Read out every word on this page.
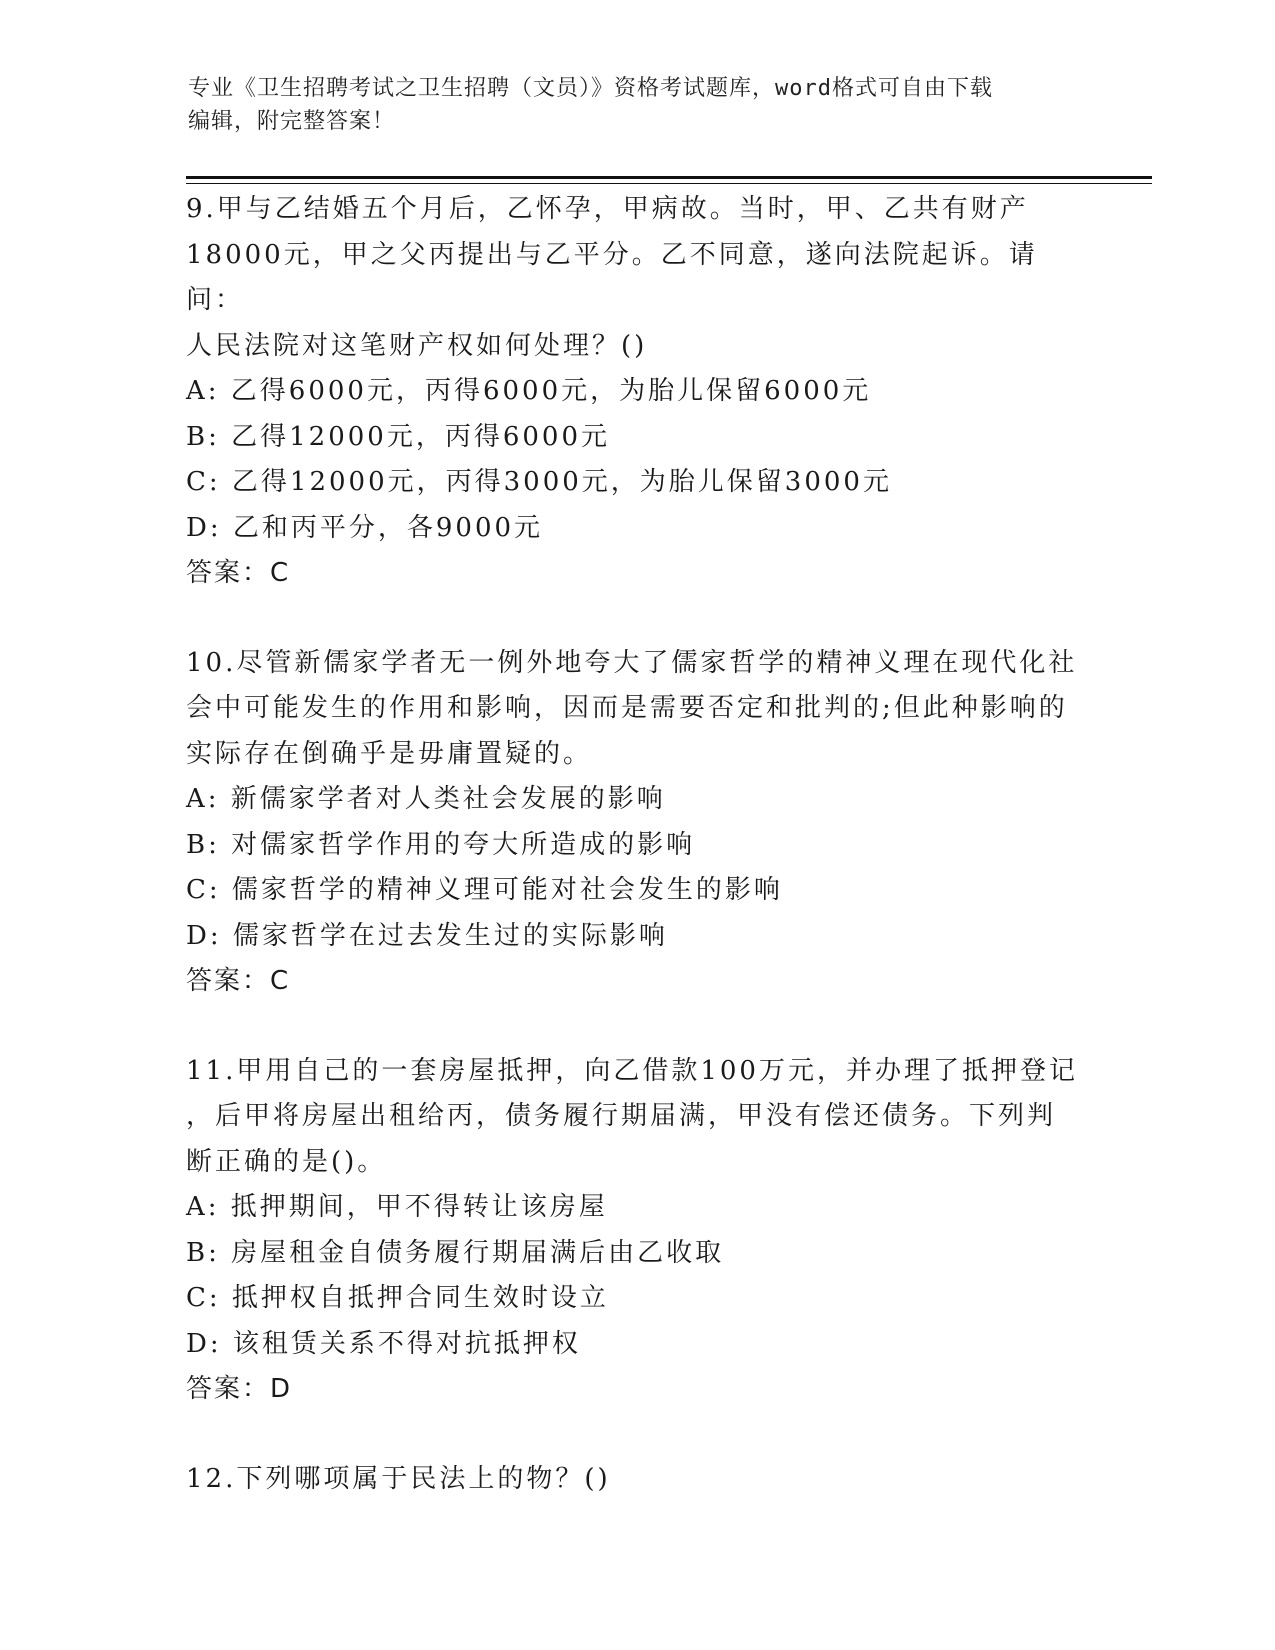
专业《卫生招聘考试之卫生招聘（文员）》资格考试题库，word格式可自由下载
编辑，附完整答案！

9.甲与乙结婚五个月后，乙怀孕，甲病故。当时，甲、乙共有财产

18000元，甲之父丙提出与乙平分。乙不同意，遂向法院起诉。请问：

人民法院对这笔财产权如何处理？()

A: 乙得6000元，丙得6000元，为胎儿保留6000元

B: 乙得12000元，丙得6000元

C: 乙得12000元，丙得3000元，为胎儿保留3000元

D: 乙和丙平分，各9000元

答案：C

10.尽管新儒家学者无一例外地夸大了儒家哲学的精神义理在现代化社

会中可能发生的作用和影响，因而是需要否定和批判的;但此种影响的

实际存在倒确乎是毋庸置疑的。

A: 新儒家学者对人类社会发展的影响

B: 对儒家哲学作用的夸大所造成的影响

C: 儒家哲学的精神义理可能对社会发生的影响

D: 儒家哲学在过去发生过的实际影响

答案：C

11.甲用自己的一套房屋抵押，向乙借款100万元，并办理了抵押登记

，后甲将房屋出租给丙，债务履行期届满，甲没有偿还债务。下列判

断正确的是()。

A: 抵押期间，甲不得转让该房屋

B: 房屋租金自债务履行期届满后由乙收取

C: 抵押权自抵押合同生效时设立

D: 该租赁关系不得对抗抵押权

答案：D

12.下列哪项属于民法上的物？()
